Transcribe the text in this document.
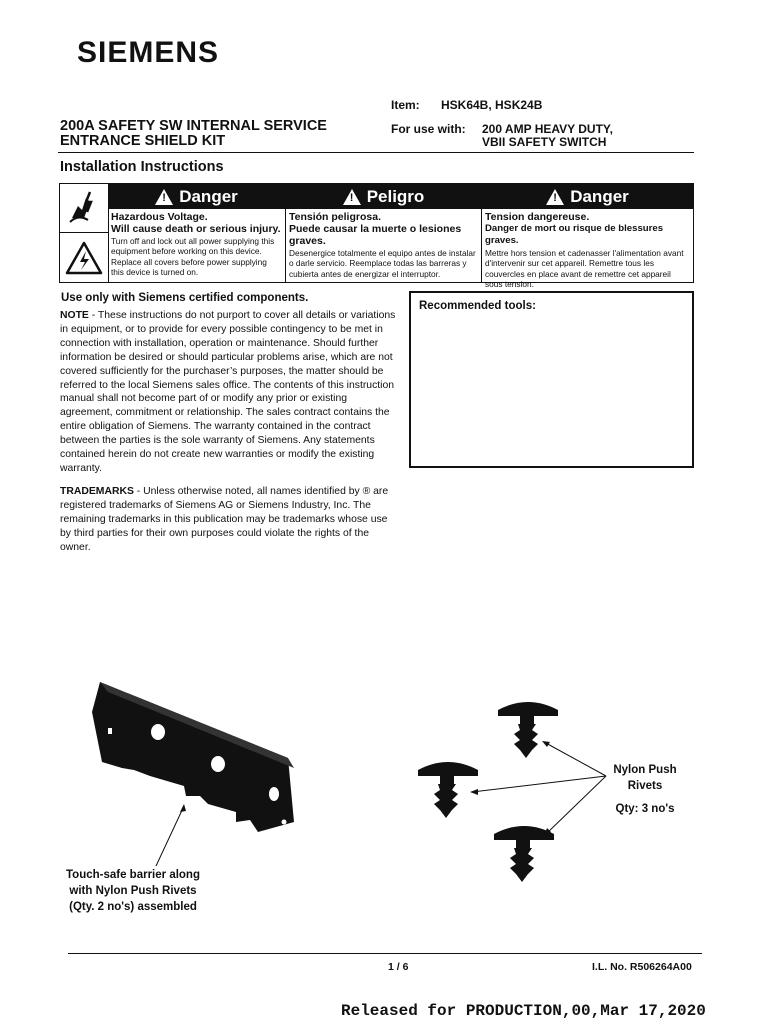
SIEMENS
Item: HSK64B, HSK24B
For use with: 200 AMP HEAVY DUTY,
VBII SAFETY SWITCH
200A SAFETY SW INTERNAL SERVICE
ENTRANCE SHIELD KIT
Installation Instructions
! Danger
Hazardous Voltage.
Will cause death or serious injury.
Turn off and lock out all power supplying this equipment before working on this device. Replace all covers before power supplying this device is turned on.
! Peligro
Tensión peligrosa.
Puede causar la muerte o lesiones graves.
Desenergice totalmente el equipo antes de instalar o darle servicio. Reemplace todas las barreras y cubierta antes de energizar el interruptor.
! Danger
Tension dangereuse.
Danger de mort ou risque de blessures graves.
Mettre hors tension et cadenasser l'alimentation avant d'intervenir sur cet appareil. Remettre tous les couvercles en place avant de remettre cet appareil sous tension.
Use only with Siemens certified components.
NOTE - These instructions do not purport to cover all details or variations in equipment, or to provide for every possible contingency to be met in connection with installation, operation or maintenance. Should further information be desired or should particular problems arise, which are not covered sufficiently for the purchaser’s purposes, the matter should be referred to the local Siemens sales office. The contents of this instruction manual shall not become part of or modify any prior or existing agreement, commitment or relationship. The sales contract contains the entire obligation of Siemens. The warranty contained in the contract between the parties is the sole warranty of Siemens. Any statements contained herein do not create new warranties or modify the existing warranty.
TRADEMARKS - Unless otherwise noted, all names identified by ® are registered trademarks of Siemens AG or Siemens Industry, Inc. The remaining trademarks in this publication may be trademarks whose use by third parties for their own purposes could violate the rights of the owner.
Recommended tools:
Touch-safe barrier along
with Nylon Push Rivets
(Qty. 2 no's) assembled
Nylon Push
Rivets
Qty: 3 no's
1 / 6	I.L. No. R506264A00
Released for PRODUCTION,00,Mar 17,2020
